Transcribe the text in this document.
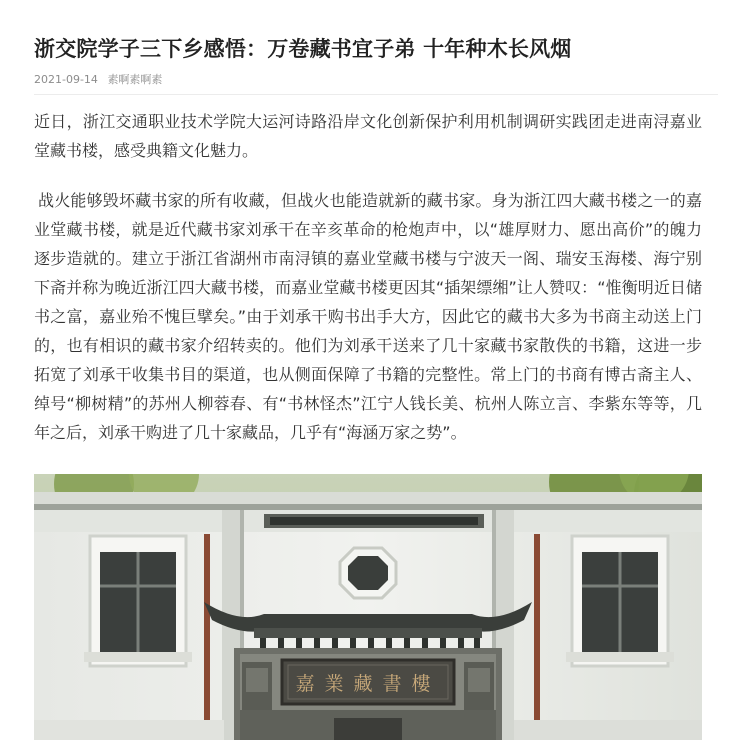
浙交院学子三下乡感悟：万卷藏书宜子弟 十年种木长风烟
2021-09-14 素啊素啊素

近日，浙江交通职业技术学院大运河诗路沿岸文化创新保护利用机制调研实践团走进南浔嘉业堂藏书楼，感受典籍文化魅力。

战火能够毁坏藏书家的所有收藏，但战火也能造就新的藏书家。身为浙江四大藏书楼之一的嘉业堂藏书楼，就是近代藏书家刘承干在辛亥革命的枪炮声中，以“雄厚财力、愿出高价”的魄力逐步造就的。建立于浙江省湖州市南浔镇的嘉业堂藏书楼与宁波天一阁、瑞安玉海楼、海宁别下斋并称为晚近浙江四大藏书楼，而嘉业堂藏书楼更因其“插架缥缃”让人赞叹：“惟衡明近日储书之富，嘉业殆不愧巨擘矣。”由于刘承干购书出手大方，因此它的藏书大多为书商主动送上门的，也有相识的藏书家介绍转卖的。他们为刘承干送来了几十家藏书家散佚的书籍，这进一步拓宽了刘承干收集书目的渠道，也从侧面保障了书籍的完整性。常上门的书商有博古斋主人、绰号“柳树精”的苏州人柳蓉春、有“书林怪杰”江宁人钱长美、杭州人陈立言、李紫东等等，几年之后，刘承干购进了几十家藏品，几乎有“海涵万家之势”。

嘉業藏書樓
